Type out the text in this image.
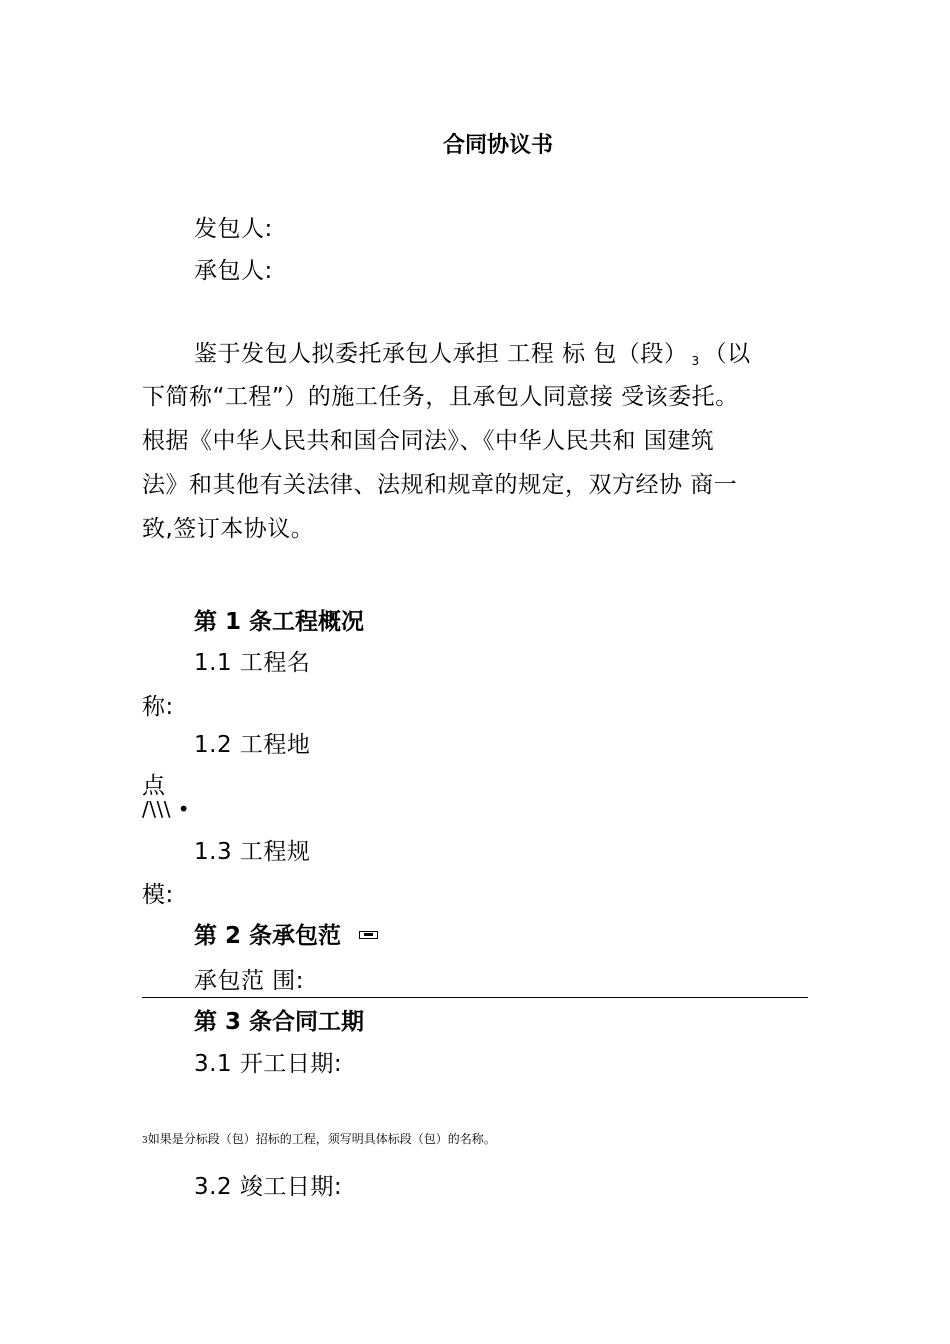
合同协议书
发包人:
承包人:
鉴于发包人拟委托承包人承担 工程 标 包（段） 3 （以
下简称“工程”）的施工任务，且承包人同意接 受该委托。
根据《中华人民共和国合同法》、《中华人民共和 国建筑
法》和其他有关法律、法规和规章的规定，双方经协 商一
致,签订本协议。
第 1 条工程概况
1.1 工程名
称:
1.2 工程地
点
/\\\ •
1.3 工程规
模:
第 2 条承包范
承包范 围:
第 3 条合同工期
3.1 开工日期:
3如果是分标段（包）招标的工程，须写明具体标段（包）的名称。
3.2 竣工日期:
